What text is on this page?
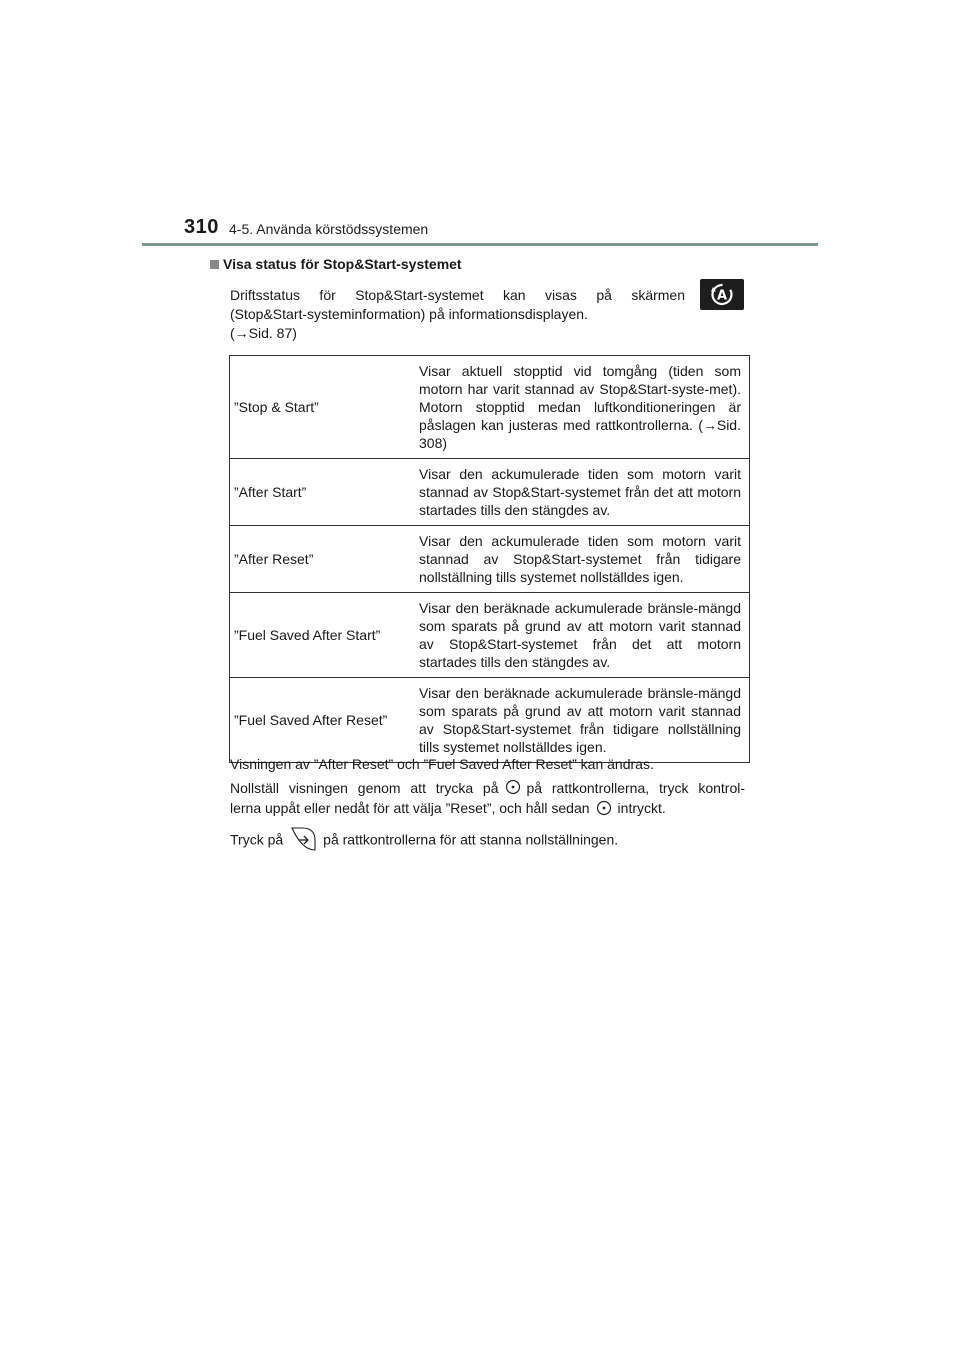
310 4-5. Använda körstödssystemen
Visa status för Stop&Start-systemet
Driftsstatus för Stop&Start-systemet kan visas på skärmen
(Stop&Start-systeminformation) på informationsdisplayen.
(→Sid. 87)
A
”Stop & Start”	Visar aktuell stopptid vid tomgång (tiden som motorn har varit stannad av Stop&Start-syste-met). Motorn stopptid medan luftkonditioneringen är påslagen kan justeras med rattkontrollerna. (→Sid. 308)
”After Start”	Visar den ackumulerade tiden som motorn varit stannad av Stop&Start-systemet från det att motorn startades tills den stängdes av.
”After Reset”	Visar den ackumulerade tiden som motorn varit stannad av Stop&Start-systemet från tidigare nollställning tills systemet nollställdes igen.
”Fuel Saved After Start”	Visar den beräknade ackumulerade bränsle-mängd som sparats på grund av att motorn varit stannad av Stop&Start-systemet från det att motorn startades tills den stängdes av.
”Fuel Saved After Reset”	Visar den beräknade ackumulerade bränsle-mängd som sparats på grund av att motorn varit stannad av Stop&Start-systemet från tidigare nollställning tills systemet nollställdes igen.

Visningen av ”After Reset” och ”Fuel Saved After Reset” kan ändras.

Nollställ visningen genom att trycka på på rattkontrollerna, tryck kontrol-
lerna uppåt eller nedåt för att välja ”Reset”, och håll sedan intryckt.

Tryck på	på rattkontrollerna för att stanna nollställningen.
